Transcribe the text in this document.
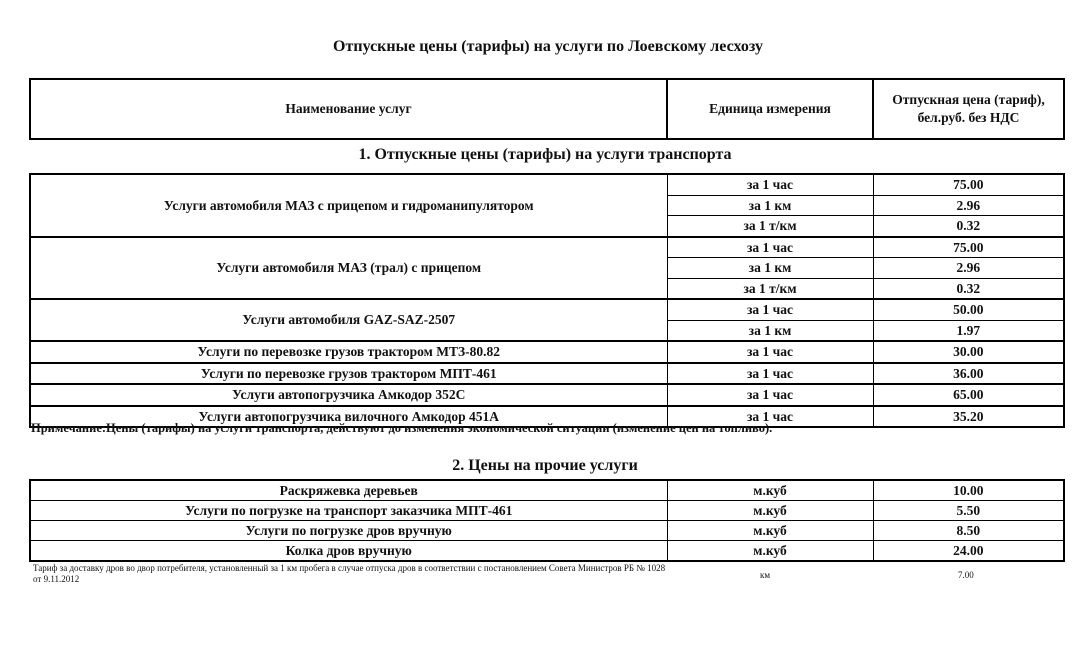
Отпускные цены (тарифы) на услуги по Лоевскому лесхозу
Наименование услуг	Единица измерения	Отпускная цена (тариф),
бел.руб. без НДС
1. Отпускные цены (тарифы) на услуги транспорта
Услуги автомобиля МАЗ с прицепом и гидроманипулятором	за 1 час	75.00
	за 1 км	2.96
	за 1 т/км	0.32
Услуги автомобиля МАЗ (трал) с прицепом	за 1 час	75.00
	за 1 км	2.96
	за 1 т/км	0.32
Услуги автомобиля GAZ-SAZ-2507	за 1 час	50.00
	за 1 км	1.97
Услуги по перевозке грузов трактором МТЗ-80.82	за 1 час	30.00
Услуги по перевозке грузов трактором МПТ-461	за 1 час	36.00
Услуги автопогрузчика Амкодор 352С	за 1 час	65.00
Услуги автопогрузчика вилочного Амкодор 451А	за 1 час	35.20
Примечание:Цены (тарифы) на услуги транспорта, действуют до изменения экономической ситуации (изменение цен на топливо).
2. Цены на прочие услуги
Раскряжевка деревьев	м.куб	10.00
Услуги по погрузке на транспорт заказчика МПТ-461	м.куб	5.50
Услуги по погрузке дров вручную	м.куб	8.50
Колка дров вручную	м.куб	24.00
Тариф за доставку дров во двор потребителя, установленный за 1 км пробега в случае отпуска дров в соответствии с постановлением Совета Министров РБ № 1028 от 9.11.2012	км	7.00
